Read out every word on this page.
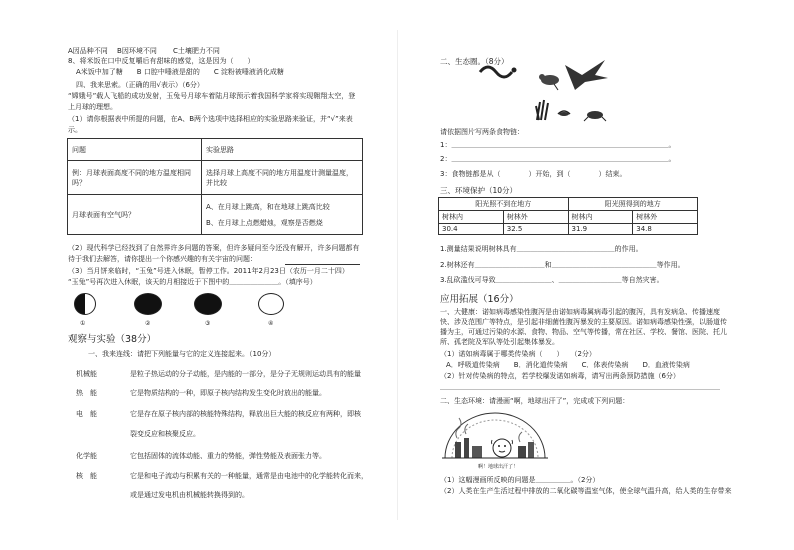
A因品种不同　 B因环境不同　　 C土壤肥力不同
8、将米饭在口中反复嚼后有甜味的感觉，这是因为（　　）
A米饭中加了糖　　B 口腔中唾液是甜的　　C 淀粉被唾液消化成糖
四、我来思索。（正确的用√表示）（6分）
“嫦娥号”载人飞船的成功发射，玉兔号月球车着陆月球预示着我国科学家将实现翱翔太空，登
上月球的理想。
（1）请你根据表中所提的问题，在A、B两个选项中选择相应的实验思路来验证，并“√”来表
示。
问题	实验思路
例：月球表面高度不同的地方温度相同吗？	选择月球上高度不同的地方用温度计测量温度，并比较
月球表面有空气吗？	A、在月球上跳高，和在地球上跳高比较
B、在月球上点燃蜡烛，观察是否燃烧
（2）现代科学已经找到了自然界许多问题的答案，但许多疑问至今还没有解开，许多问题都有
待于我们去解答，请你提出一个你感兴趣的有关宇宙的问题：
（3）当月饼来临时，“玉兔”号进入休眠，暂停工作。2011年2月23日（农历一月二十四）
“玉兔”号再次进入休眠，该天的月相接近于下图中的＿＿＿＿＿＿＿。（填序号）
①	②	③	④
观察与实验（38分）
一、我来连线：请把下列能量与它的定义连接起来。（10分）
机械能	是粒子热运动的分子动能，是内能的一部分，是分子无规则运动具有的能量
热　能	它是物质结构的一种，即原子核内结构发生变化时放出的能量。
电　能	它是存在原子核内部的核能特殊结构，释放出巨大能的核反应有两种，即核
裂变反应和核聚反应。
化学能	它包括固体的流体动能、重力的势能，弹性势能及表面张力等。
核　能	它是和电子流动与积累有关的一种能量，通常是由电池中的化学能转化而来，
或是通过发电机由机械能转换得到的。
二、生态圈。（8分）
请依据图片写两条食物链：
1：＿＿＿＿＿＿＿＿＿＿＿＿＿＿＿＿＿＿＿＿＿＿＿＿＿＿＿＿＿＿＿。
2：＿＿＿＿＿＿＿＿＿＿＿＿＿＿＿＿＿＿＿＿＿＿＿＿＿＿＿＿＿＿＿。
3：食物链都是从（　　　　）开始，到（　　　　）结束。
三、环境保护（10分）
阳光照不到在地方		阳光照得到的地方	
树林内	树林外	树林内	树林外
30.4	32.5	31.9	34.8
1.测量结果说明树林具有＿＿＿＿＿＿＿＿＿＿＿＿＿＿的作用。
2.树林还有＿＿＿＿＿＿＿＿＿＿和＿＿＿＿＿＿＿＿＿＿＿＿＿＿＿等作用。
3.乱砍滥伐可导致＿＿＿＿＿＿＿＿、＿＿＿＿＿＿＿＿＿等自然灾害。
应用拓展（16分）
一、大健康：诺如病毒感染性腹泻是由诺如病毒属病毒引起的腹泻，具有发病急、传播速度
快、涉及范围广等特点，是引起非细菌性腹泻暴发的主要原因。诺如病毒感染性强，以肠道传
播为主，可通过污染的水源、食物、物品、空气等传播，常在社区、学校、餐馆、医院、托儿
所、孤老院及军队等处引起集体暴发。
（1）诺如病毒属于哪类传染病（　　）　　（2分）
A．呼吸道传染病　　B．消化道传染病　　C．体表传染病　　D．血液传染病
（2）针对传染病的特点，若学校爆发诺如病毒，请写出两条预防措施（6分）
＿＿＿＿＿＿＿＿＿＿＿＿＿＿＿＿＿＿＿＿＿＿＿＿＿＿＿＿＿＿＿＿＿＿＿＿＿＿＿＿
二、生态环境：请漫画“啊，地球出汗了”，完成或下列问题：
啊！地球出汗了！
（1）这幅漫画所反映的问题是＿＿＿＿＿。（2分）
（2）人类在生产生活过程中排放的二氧化碳等温室气体，使全球气温升高，给人类的生存带来
